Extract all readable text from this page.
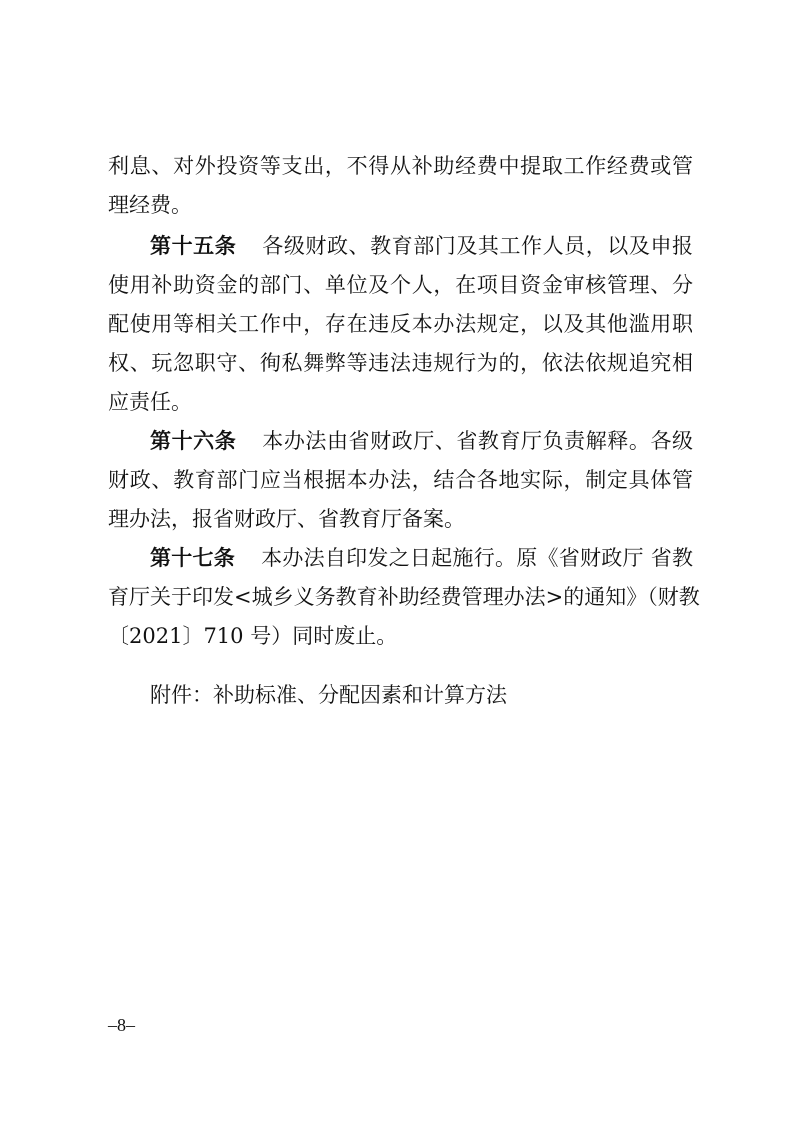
利息、对外投资等支出，不得从补助经费中提取工作经费或管
理经费。
第十五条 各级财政、教育部门及其工作人员，以及申报
使用补助资金的部门、单位及个人，在项目资金审核管理、分
配使用等相关工作中，存在违反本办法规定，以及其他滥用职
权、玩忽职守、徇私舞弊等违法违规行为的，依法依规追究相
应责任。
第十六条 本办法由省财政厅、省教育厅负责解释。各级
财政、教育部门应当根据本办法，结合各地实际，制定具体管
理办法，报省财政厅、省教育厅备案。
第十七条 本办法自印发之日起施行。原《省财政厅 省教
育厅关于印发<城乡义务教育补助经费管理办法>的通知》（财教
〔2021〕710 号）同时废止。
附件：补助标准、分配因素和计算方法
–8–
